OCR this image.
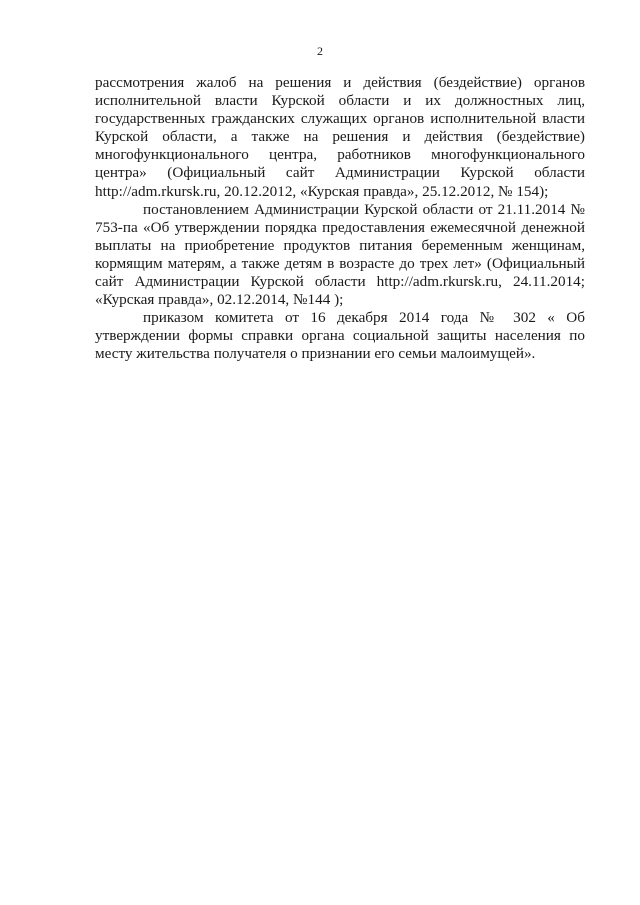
2

рассмотрения жалоб на решения и действия (бездействие) органов исполнительной власти Курской области и их должностных лиц, государственных гражданских служащих органов исполнительной власти Курской области, а также на решения и действия (бездействие) многофункционального центра, работников многофункционального центра» (Официальный сайт Администрации Курской области http://adm.rkursk.ru, 20.12.2012, «Курская правда», 25.12.2012, № 154);

постановлением Администрации Курской области от 21.11.2014 № 753-па «Об утверждении порядка предоставления ежемесячной денежной выплаты на приобретение продуктов питания беременным женщинам, кормящим матерям, а также детям в возрасте до трех лет» (Официальный сайт Администрации Курской области http://adm.rkursk.ru, 24.11.2014; «Курская правда», 02.12.2014, №144 );

приказом комитета от 16 декабря 2014 года № 302 « Об утверждении формы справки органа социальной защиты населения по месту жительства получателя о признании его семьи малоимущей».
